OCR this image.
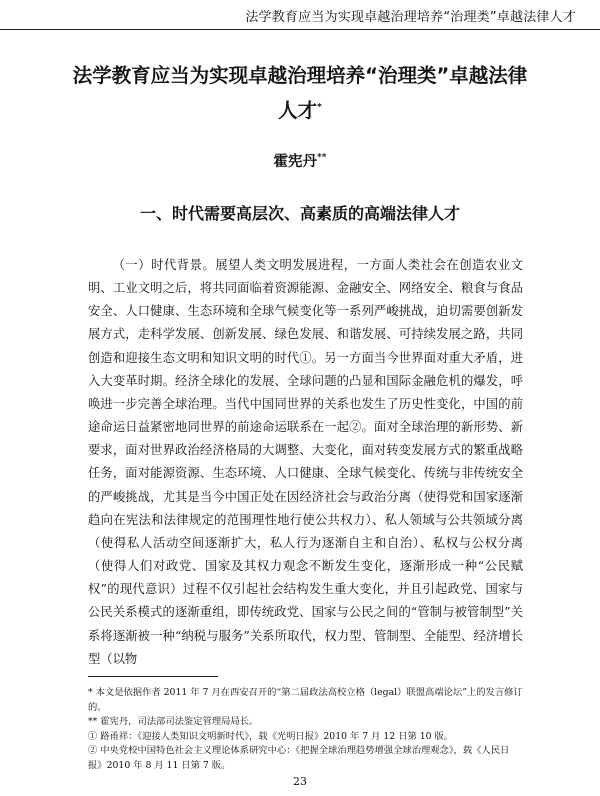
法学教育应当为实现卓越治理培养“治理类”卓越法律人才
法学教育应当为实现卓越治理培养“治理类”卓越法律人才*
霍宪丹**
一、时代需要高层次、高素质的高端法律人才

（一）时代背景。展望人类文明发展进程，一方面人类社会在创造农业文明、工业文明之后，将共同面临着资源能源、金融安全、网络安全、粮食与食品安全、人口健康、生态环境和全球气候变化等一系列严峻挑战，迫切需要创新发展方式，走科学发展、创新发展、绿色发展、和谐发展、可持续发展之路，共同创造和迎接生态文明和知识文明的时代①。另一方面当今世界面对重大矛盾，进入大变革时期。经济全球化的发展、全球问题的凸显和国际金融危机的爆发，呼唤进一步完善全球治理。当代中国同世界的关系也发生了历史性变化，中国的前途命运日益紧密地同世界的前途命运联系在一起②。面对全球治理的新形势、新要求，面对世界政治经济格局的大调整、大变化，面对转变发展方式的繁重战略任务，面对能源资源、生态环境、人口健康、全球气候变化、传统与非传统安全的严峻挑战，尤其是当今中国正处在因经济社会与政治分离（使得党和国家逐渐趋向在宪法和法律规定的范围理性地行使公共权力）、私人领域与公共领域分离（使得私人活动空间逐渐扩大，私人行为逐渐自主和自治）、私权与公权分离（使得人们对政党、国家及其权力观念不断发生变化，逐渐形成一种“公民赋权”的现代意识）过程不仅引起社会结构发生重大变化，并且引起政党、国家与公民关系模式的逐渐重组，即传统政党、国家与公民之间的“管制与被管制型”关系将逐渐被一种“纳税与服务”关系所取代，权力型、管制型、全能型、经济增长型（以物

* 本文是依据作者 2011 年 7 月在西安召开的“第二届政法高校立格（legal）联盟高端论坛”上的发言修订的。

** 霍宪丹，司法部司法鉴定管理局局长。

① 路甬祥：《迎接人类知识文明新时代》，载《光明日报》2010 年 7 月 12 日第 10 版。

② 中央党校中国特色社会主义理论体系研究中心：《把握全球治理趋势增强全球治理观念》，载《人民日报》2010 年 8 月 11 日第 7 版。

23
